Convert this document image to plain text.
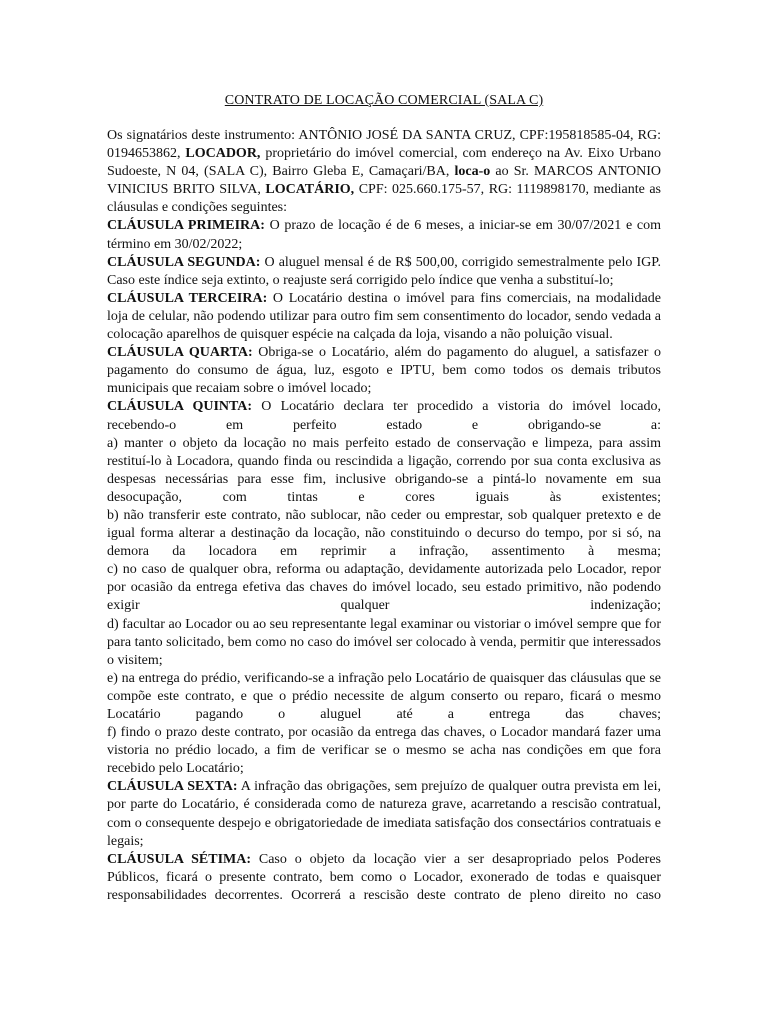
CONTRATO DE LOCAÇÃO COMERCIAL (SALA C)

Os signatários deste instrumento: ANTÔNIO JOSÉ DA SANTA CRUZ, CPF:195818585-04, RG: 0194653862, LOCADOR, proprietário do imóvel comercial, com endereço na Av. Eixo Urbano Sudoeste, N 04, (SALA C), Bairro Gleba E, Camaçari/BA, loca-o ao Sr. MARCOS ANTONIO VINICIUS BRITO SILVA, LOCATÁRIO, CPF: 025.660.175-57, RG: 1119898170, mediante as cláusulas e condições seguintes:

CLÁUSULA PRIMEIRA: O prazo de locação é de 6 meses, a iniciar-se em 30/07/2021 e com término em 30/02/2022;

CLÁUSULA SEGUNDA: O aluguel mensal é de R$ 500,00, corrigido semestralmente pelo IGP. Caso este índice seja extinto, o reajuste será corrigido pelo índice que venha a substituí-lo;

CLÁUSULA TERCEIRA: O Locatário destina o imóvel para fins comerciais, na modalidade loja de celular, não podendo utilizar para outro fim sem consentimento do locador, sendo vedada a colocação aparelhos de quisquer espécie na calçada da loja, visando a não poluição visual.

CLÁUSULA QUARTA: Obriga-se o Locatário, além do pagamento do aluguel, a satisfazer o pagamento do consumo de água, luz, esgoto e IPTU, bem como todos os demais tributos municipais que recaiam sobre o imóvel locado;

CLÁUSULA QUINTA: O Locatário declara ter procedido a vistoria do imóvel locado, recebendo-o em perfeito estado e obrigando-se a:

a) manter o objeto da locação no mais perfeito estado de conservação e limpeza, para assim restituí-lo à Locadora, quando finda ou rescindida a ligação, correndo por sua conta exclusiva as despesas necessárias para esse fim, inclusive obrigando-se a pintá-lo novamente em sua desocupação, com tintas e cores iguais às existentes;

b) não transferir este contrato, não sublocar, não ceder ou emprestar, sob qualquer pretexto e de igual forma alterar a destinação da locação, não constituindo o decurso do tempo, por si só, na demora da locadora em reprimir a infração, assentimento à mesma;

c) no caso de qualquer obra, reforma ou adaptação, devidamente autorizada pelo Locador, repor por ocasião da entrega efetiva das chaves do imóvel locado, seu estado primitivo, não podendo exigir qualquer indenização;

d) facultar ao Locador ou ao seu representante legal examinar ou vistoriar o imóvel sempre que for para tanto solicitado, bem como no caso do imóvel ser colocado à venda, permitir que interessados o visitem;

e) na entrega do prédio, verificando-se a infração pelo Locatário de quaisquer das cláusulas que se compõe este contrato, e que o prédio necessite de algum conserto ou reparo, ficará o mesmo Locatário pagando o aluguel até a entrega das chaves;

f) findo o prazo deste contrato, por ocasião da entrega das chaves, o Locador mandará fazer uma vistoria no prédio locado, a fim de verificar se o mesmo se acha nas condições em que fora recebido pelo Locatário;

CLÁUSULA SEXTA: A infração das obrigações, sem prejuízo de qualquer outra prevista em lei, por parte do Locatário, é considerada como de natureza grave, acarretando a rescisão contratual, com o consequente despejo e obrigatoriedade de imediata satisfação dos consectários contratuais e legais;

CLÁUSULA SÉTIMA: Caso o objeto da locação vier a ser desapropriado pelos Poderes Públicos, ficará o presente contrato, bem como o Locador, exonerado de todas e quaisquer responsabilidades decorrentes. Ocorrerá a rescisão deste contrato de pleno direito no caso
